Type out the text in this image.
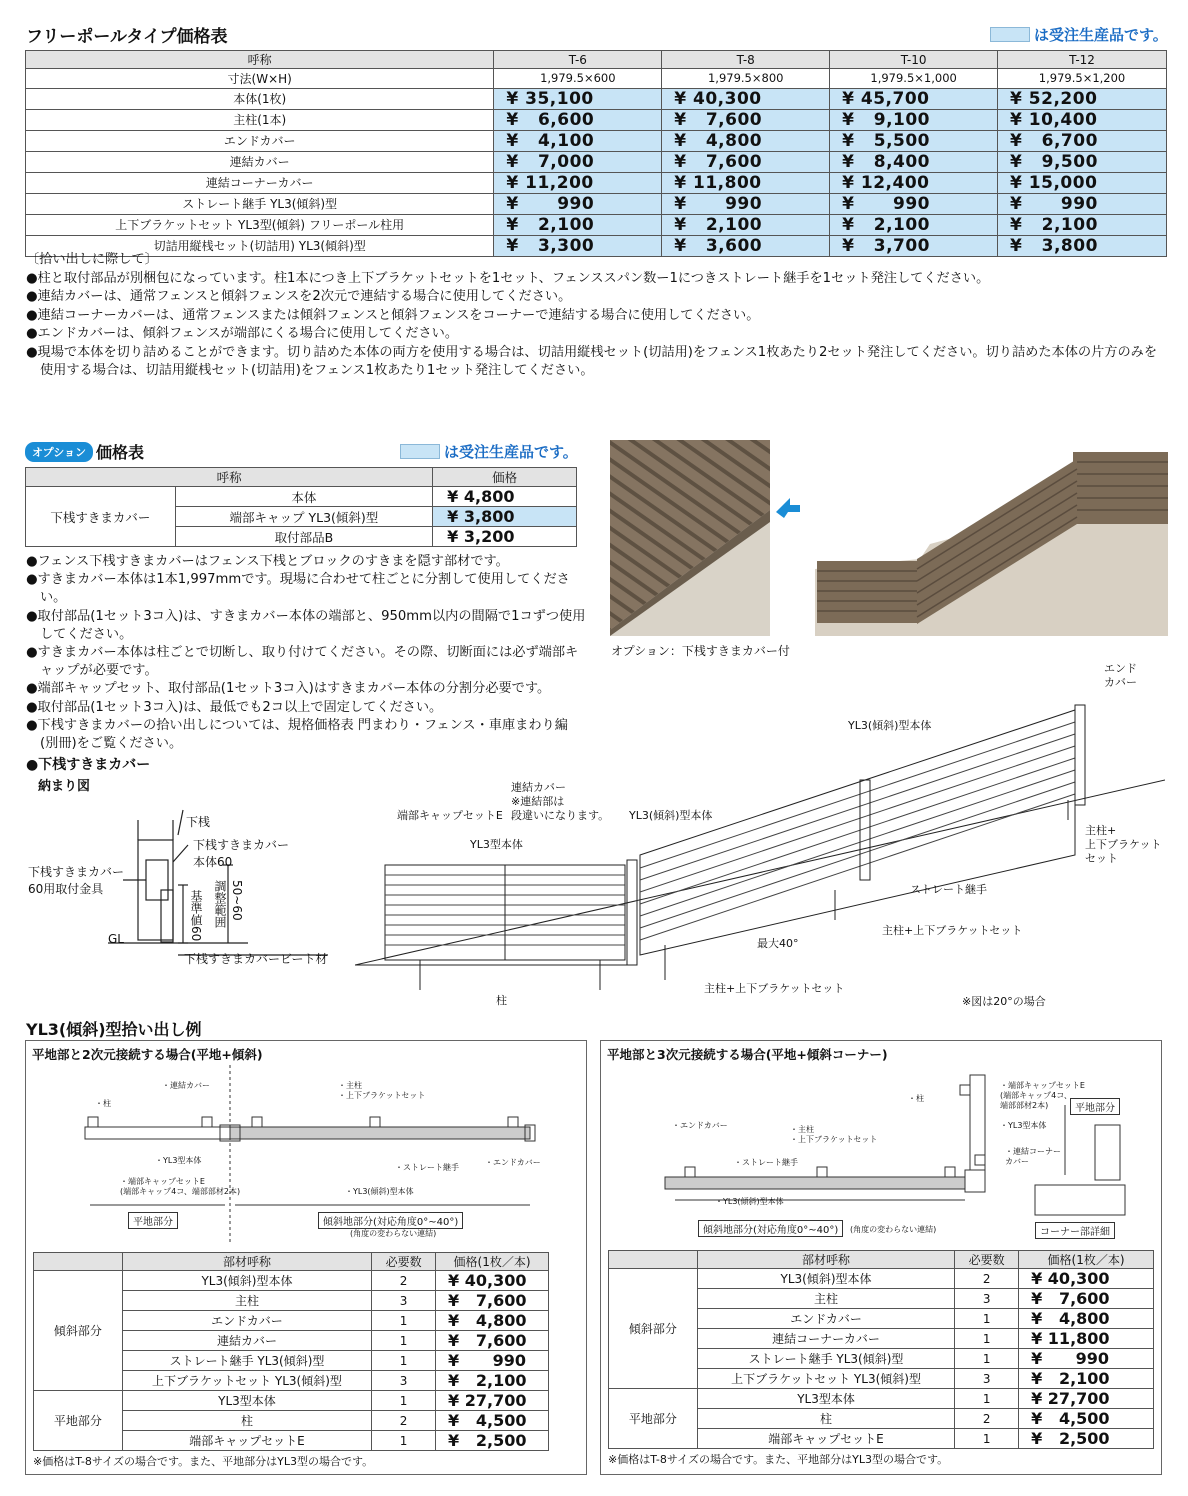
フリーポールタイプ価格表	は受注生産品です。
呼称	T-6	T-8	T-10	T-12
寸法(W×H)	1,979.5×600	1,979.5×800	1,979.5×1,000	1,979.5×1,200
本体(1枚)	¥ 35,100	¥ 40,300	¥ 45,700	¥ 52,200
主柱(1本)	¥   6,600	¥   7,600	¥   9,100	¥ 10,400
エンドカバー	¥   4,100	¥   4,800	¥   5,500	¥   6,700
連結カバー	¥   7,000	¥   7,600	¥   8,400	¥   9,500
連結コーナーカバー	¥ 11,200	¥ 11,800	¥ 12,400	¥ 15,000
ストレート継手 YL3(傾斜)型	¥      990	¥      990	¥      990	¥      990
上下ブラケットセット YL3型(傾斜) フリーポール柱用	¥   2,100	¥   2,100	¥   2,100	¥   2,100
切詰用縦桟セット(切詰用) YL3(傾斜)型	¥   3,300	¥   3,600	¥   3,700	¥   3,800
〔拾い出しに際して〕
●柱と取付部品が別梱包になっています。柱1本につき上下ブラケットセットを1セット、フェンススパン数ー1につきストレート継手を1セット発注してください。
●連結カバーは、通常フェンスと傾斜フェンスを2次元で連結する場合に使用してください。
●連結コーナーカバーは、通常フェンスまたは傾斜フェンスと傾斜フェンスをコーナーで連結する場合に使用してください。
●エンドカバーは、傾斜フェンスが端部にくる場合に使用してください。
●現場で本体を切り詰めることができます。切り詰めた本体の両方を使用する場合は、切詰用縦桟セット(切詰用)をフェンス1枚あたり2セット発注してください。切り詰めた本体の片方のみを使用する場合は、切詰用縦桟セット(切詰用)をフェンス1枚あたり1セット発注してください。
オプション 価格表	は受注生産品です。
呼称		価格
下桟すきまカバー	本体	¥ 4,800
	端部キャップ YL3(傾斜)型	¥ 3,800
	取付部品B	¥ 3,200
●フェンス下桟すきまカバーはフェンス下桟とブロックのすきまを隠す部材です。
●すきまカバー本体は1本1,997mmです。現場に合わせて柱ごとに分割して使用してください。
●取付部品(1セット3コ入)は、すきまカバー本体の端部と、950mm以内の間隔で1コずつ使用してください。
●すきまカバー本体は柱ごとで切断し、取り付けてください。その際、切断面には必ず端部キャップが必要です。
●端部キャップセット、取付部品(1セット3コ入)はすきまカバー本体の分割分必要です。
●取付部品(1セット3コ入)は、最低でも2コ以上で固定してください。
●下桟すきまカバーの拾い出しについては、規格価格表 門まわり・フェンス・車庫まわり編(別冊)をご覧ください。
オプション：下桟すきまカバー付
●下桟すきまカバー
納まり図
下桟
下桟すきまカバー
本体60
下桟すきまカバー
60用取付金具
GL	基準値60 調整範囲 50~60
下桟すきまカバービート材
エンド
カバー
YL3(傾斜)型本体
連結カバー
※連結部は
段違いになります。
端部キャップセットE	YL3(傾斜)型本体
YL3型本体
主柱+
上下ブラケット
セット
ストレート継手
主柱+上下ブラケットセット
最大40°
主柱+上下ブラケットセット
柱	※図は20°の場合
YL3(傾斜)型拾い出し例
平地部と2次元接続する場合(平地+傾斜)
・連結カバー
・柱
・主柱
・上下ブラケットセット
・YL3型本体
・ストレート継手
・エンドカバー
・端部キャップセットE
(端部キャップ4コ、端部部材2本)	・YL3(傾斜)型本体
平地部分	傾斜地部分(対応角度0°~40°)
(角度の変わらない連結)
	部材呼称	必要数	価格(1枚／本)
傾斜部分	YL3(傾斜)型本体	2	¥ 40,300
	主柱	3	¥   7,600
	エンドカバー	1	¥   4,800
	連結カバー	1	¥   7,600
	ストレート継手 YL3(傾斜)型	1	¥      990
	上下ブラケットセット YL3(傾斜)型	3	¥   2,100
平地部分	YL3型本体	1	¥ 27,700
	柱	2	¥   4,500
	端部キャップセットE	1	¥   2,500
※価格はT-8サイズの場合です。また、平地部分はYL3型の場合です。
平地部と3次元接続する場合(平地+傾斜コーナー)
・柱
・端部キャップセットE
(端部キャップ4コ、
端部部材2本)
・YL3型本体
・エンドカバー	・主柱
・上下ブラケットセット
・ストレート継手
・連結コーナー
カバー
・YL3(傾斜)型本体
平地部分
傾斜地部分(対応角度0°~40°)	(角度の変わらない連結)	コーナー部詳細
	部材呼称	必要数	価格(1枚／本)
傾斜部分	YL3(傾斜)型本体	2	¥ 40,300
	主柱	3	¥   7,600
	エンドカバー	1	¥   4,800
	連結コーナーカバー	1	¥ 11,800
	ストレート継手 YL3(傾斜)型	1	¥      990
	上下ブラケットセット YL3(傾斜)型	3	¥   2,100
平地部分	YL3型本体	1	¥ 27,700
	柱	2	¥   4,500
	端部キャップセットE	1	¥   2,500
※価格はT-8サイズの場合です。また、平地部分はYL3型の場合です。
